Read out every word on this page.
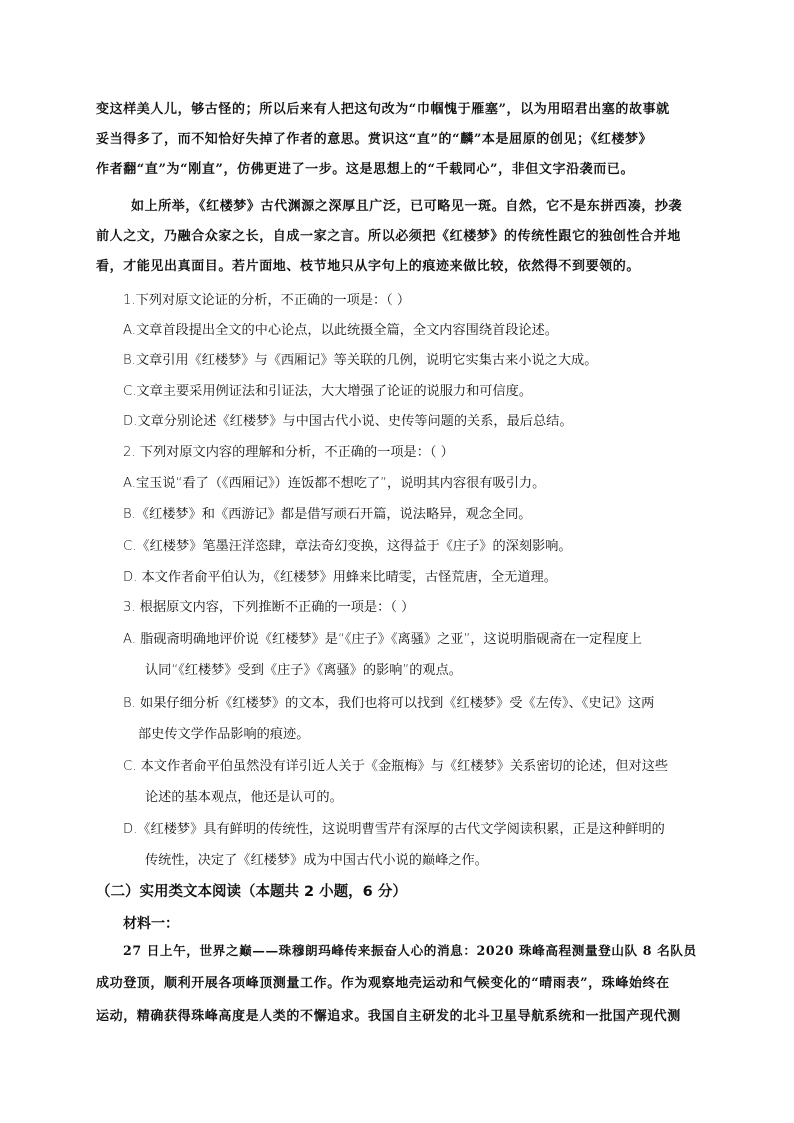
变这样美人儿，够古怪的；所以后来有人把这句改为“巾帼愧于雁塞”，以为用昭君出塞的故事就
妥当得多了，而不知恰好失掉了作者的意思。赏识这“直”的“麟”本是屈原的创见；《红楼梦》
作者翻“直”为“刚直”，仿佛更进了一步。这是思想上的“千载同心”，非但文字沿袭而已。
如上所举，《红楼梦》古代渊源之深厚且广泛，已可略见一斑。自然，它不是东拼西凑，抄袭
前人之文，乃融合众家之长，自成一家之言。所以必须把《红楼梦》的传统性跟它的独创性合并地
看，才能见出真面目。若片面地、枝节地只从字句上的痕迹来做比较，依然得不到要领的。
1.下列对原文论证的分析，不正确的一项是：（ ）
A.文章首段提出全文的中心论点，以此统摄全篇，全文内容围绕首段论述。
B.文章引用《红楼梦》与《西厢记》等关联的几例，说明它实集古来小说之大成。
C.文章主要采用例证法和引证法，大大增强了论证的说服力和可信度。
D.文章分别论述《红楼梦》与中国古代小说、史传等问题的关系，最后总结。
2. 下列对原文内容的理解和分析，不正确的一项是：（ ）
A.宝玉说“看了（《西厢记》）连饭都不想吃了”，说明其内容很有吸引力。
B.《红楼梦》和《西游记》都是借写顽石开篇，说法略异，观念全同。
C.《红楼梦》笔墨汪洋恣肆，章法奇幻变换，这得益于《庄子》的深刻影响。
D. 本文作者俞平伯认为，《红楼梦》用蜂来比晴雯，古怪荒唐，全无道理。
3. 根据原文内容，下列推断不正确的一项是：（ ）
A. 脂砚斋明确地评价说《红楼梦》是“《庄子》《离骚》之亚”，这说明脂砚斋在一定程度上
认同“《红楼梦》受到《庄子》《离骚》的影响”的观点。
B. 如果仔细分析《红楼梦》的文本，我们也将可以找到《红楼梦》受《左传》、《史记》这两
部史传文学作品影响的痕迹。
C. 本文作者俞平伯虽然没有详引近人关于《金瓶梅》与《红楼梦》关系密切的论述，但对这些
论述的基本观点，他还是认可的。
D.《红楼梦》具有鲜明的传统性，这说明曹雪芹有深厚的古代文学阅读积累，正是这种鲜明的
传统性，决定了《红楼梦》成为中国古代小说的巅峰之作。
（二）实用类文本阅读（本题共 2 小题，6 分）
材料一：
27 日上午，世界之巅——珠穆朗玛峰传来振奋人心的消息：2020 珠峰高程测量登山队 8 名队员
成功登顶，顺利开展各项峰顶测量工作。作为观察地壳运动和气候变化的“晴雨表”，珠峰始终在
运动，精确获得珠峰高度是人类的不懈追求。我国自主研发的北斗卫星导航系统和一批国产现代测
